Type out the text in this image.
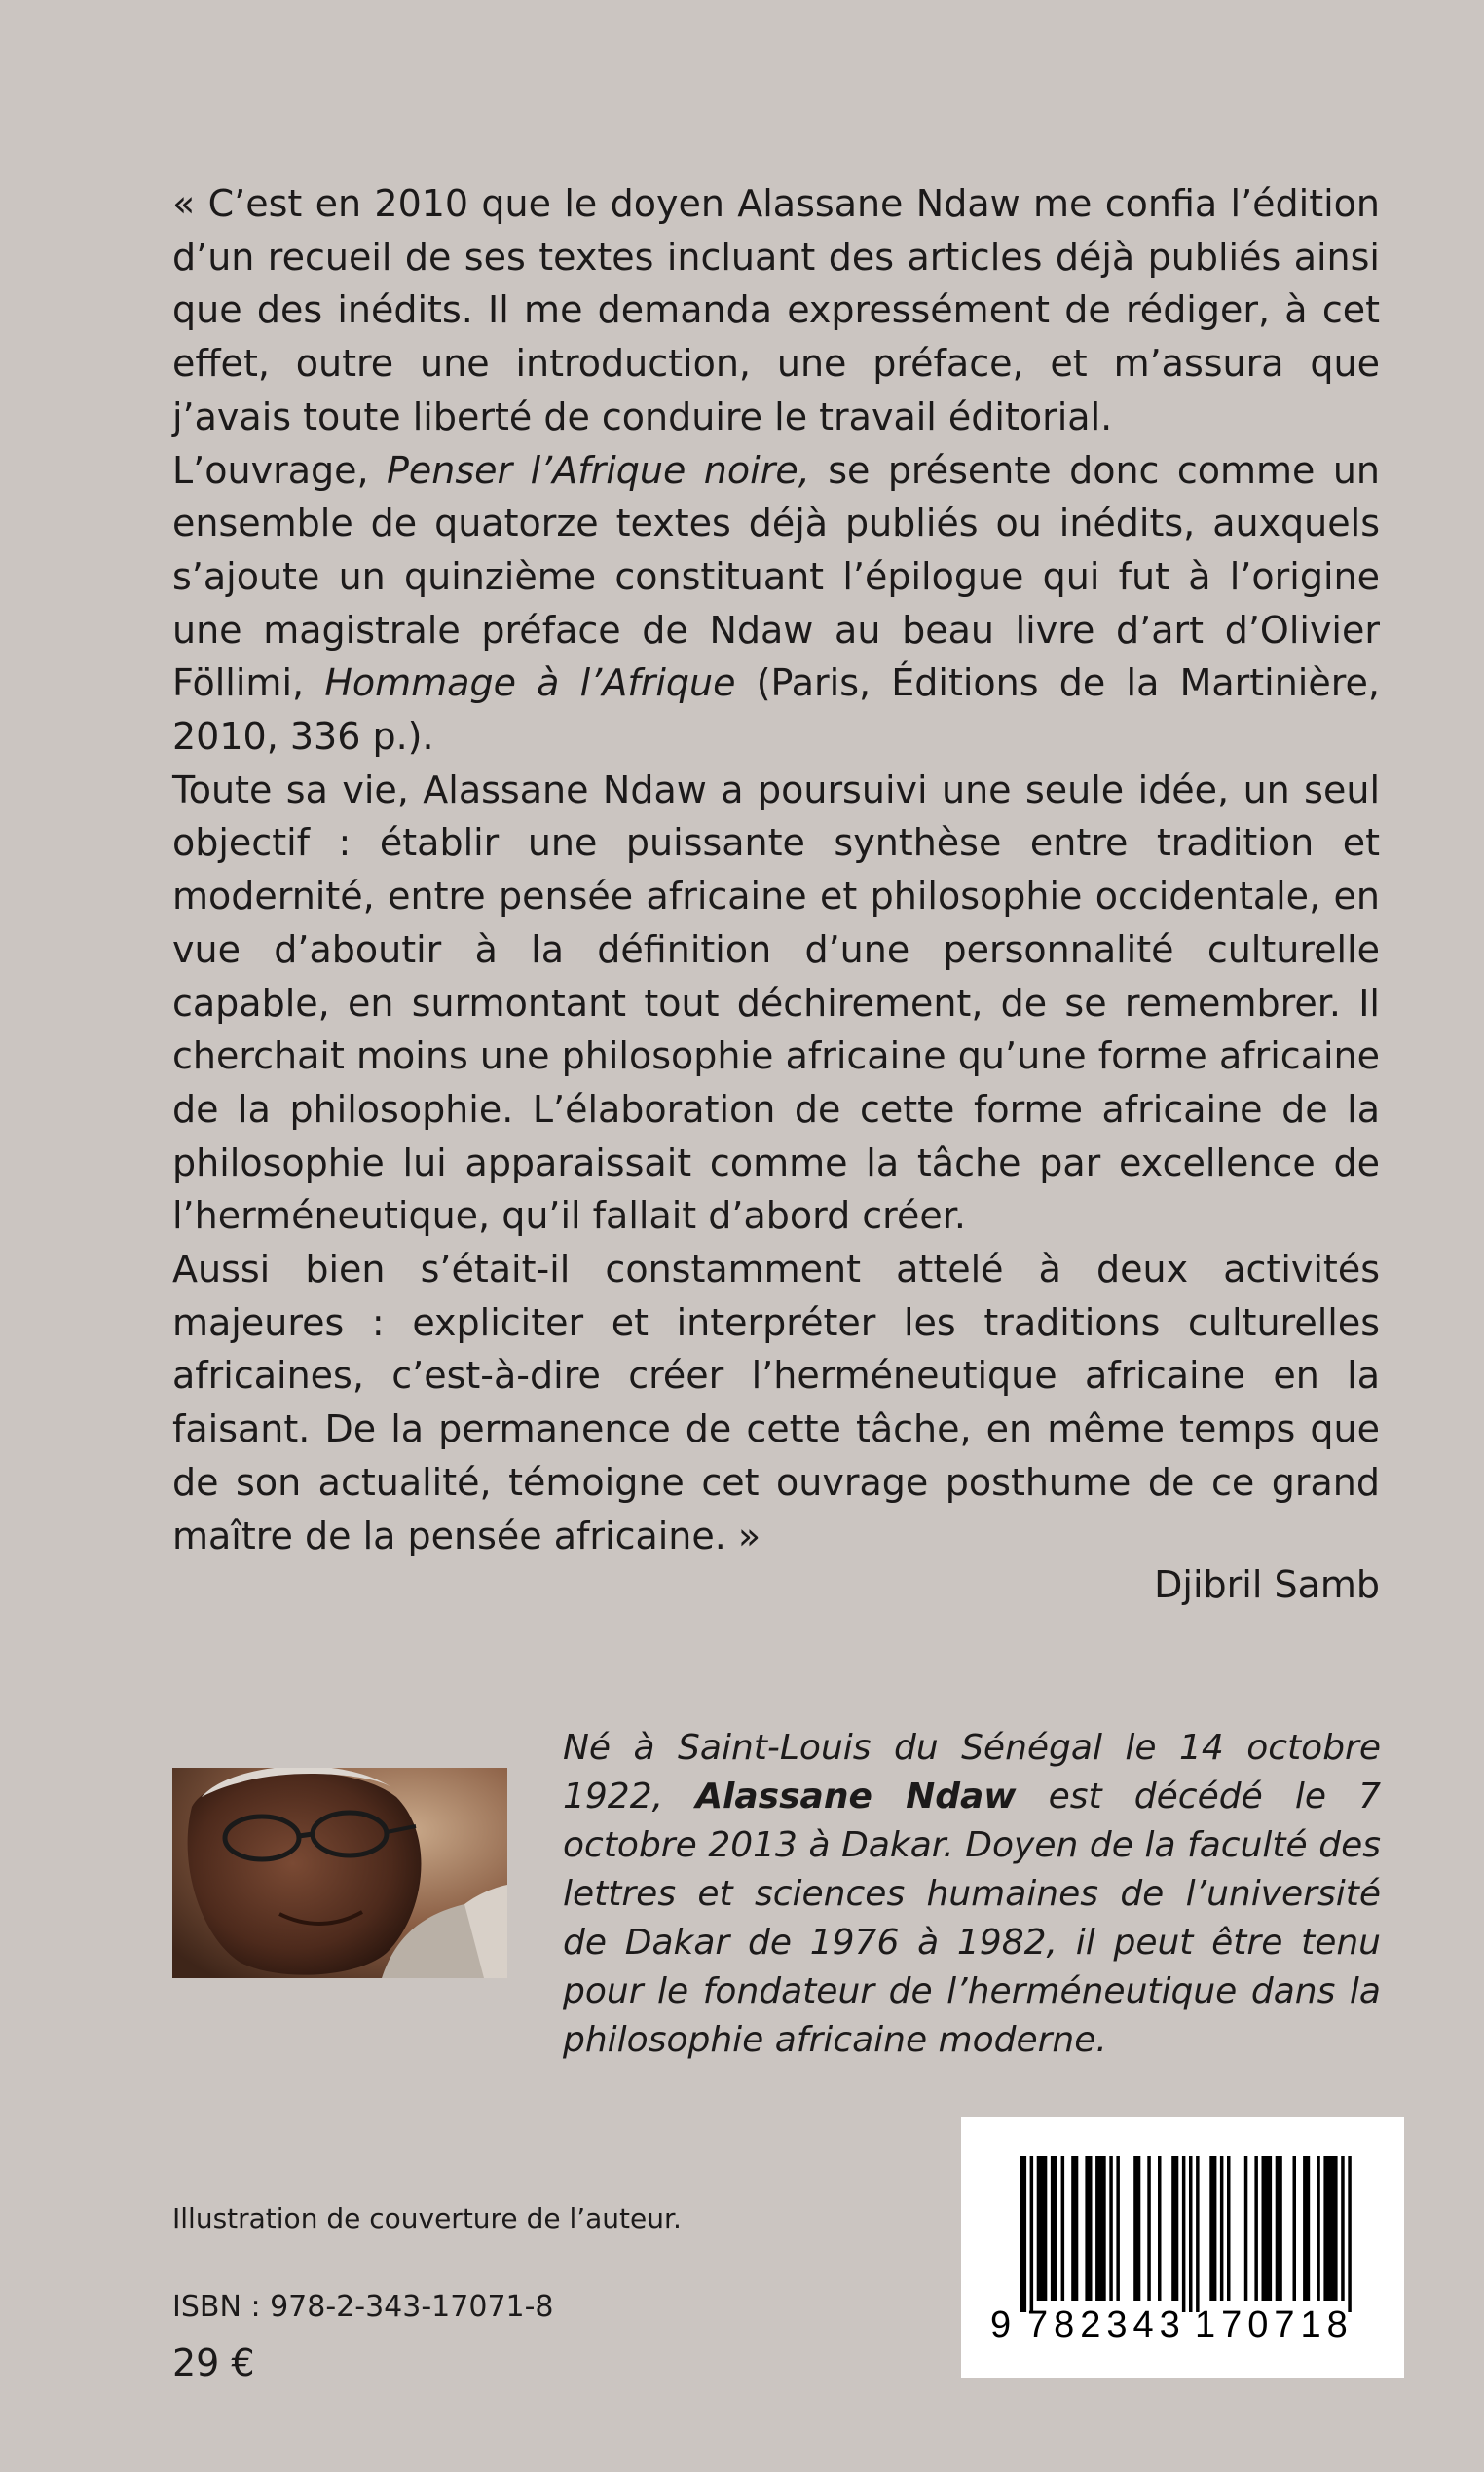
« C’est en 2010 que le doyen Alassane Ndaw me confia l’édition d’un recueil de ses textes incluant des articles déjà publiés ainsi que des inédits. Il me demanda expressément de rédiger, à cet effet, outre une introduction, une préface, et m’assura que j’avais toute liberté de conduire le travail éditorial.

L’ouvrage, Penser l’Afrique noire, se présente donc comme un ensemble de quatorze textes déjà publiés ou inédits, auxquels s’ajoute un quinzième constituant l’épilogue qui fut à l’origine une magistrale préface de Ndaw au beau livre d’art d’Olivier Föllimi, Hommage à l’Afrique (Paris, Éditions de la Martinière, 2010, 336 p.).

Toute sa vie, Alassane Ndaw a poursuivi une seule idée, un seul objectif : établir une puissante synthèse entre tradition et modernité, entre pensée africaine et philosophie occidentale, en vue d’aboutir à la définition d’une personnalité culturelle capable, en surmontant tout déchirement, de se remembrer. Il cherchait moins une philosophie africaine qu’une forme africaine de la philosophie. L’élaboration de cette forme africaine de la philosophie lui apparaissait comme la tâche par excellence de l’herméneutique, qu’il fallait d’abord créer.

Aussi bien s’était-il constamment attelé à deux activités majeures : expliciter et interpréter les traditions culturelles africaines, c’est-à-dire créer l’herméneutique africaine en la faisant. De la permanence de cette tâche, en même temps que de son actualité, témoigne cet ouvrage posthume de ce grand maître de la pensée africaine. »

Djibril Samb
Né à Saint-Louis du Sénégal le 14 octobre 1922, Alassane Ndaw est décédé le 7 octobre 2013 à Dakar. Doyen de la faculté des lettres et sciences humaines de l’université de Dakar de 1976 à 1982, il peut être tenu pour le fondateur de l’herméneutique dans la philosophie africaine moderne.
Illustration de couverture de l’auteur.
ISBN : 978-2-343-17071-8
29 €
9 782343 170718
